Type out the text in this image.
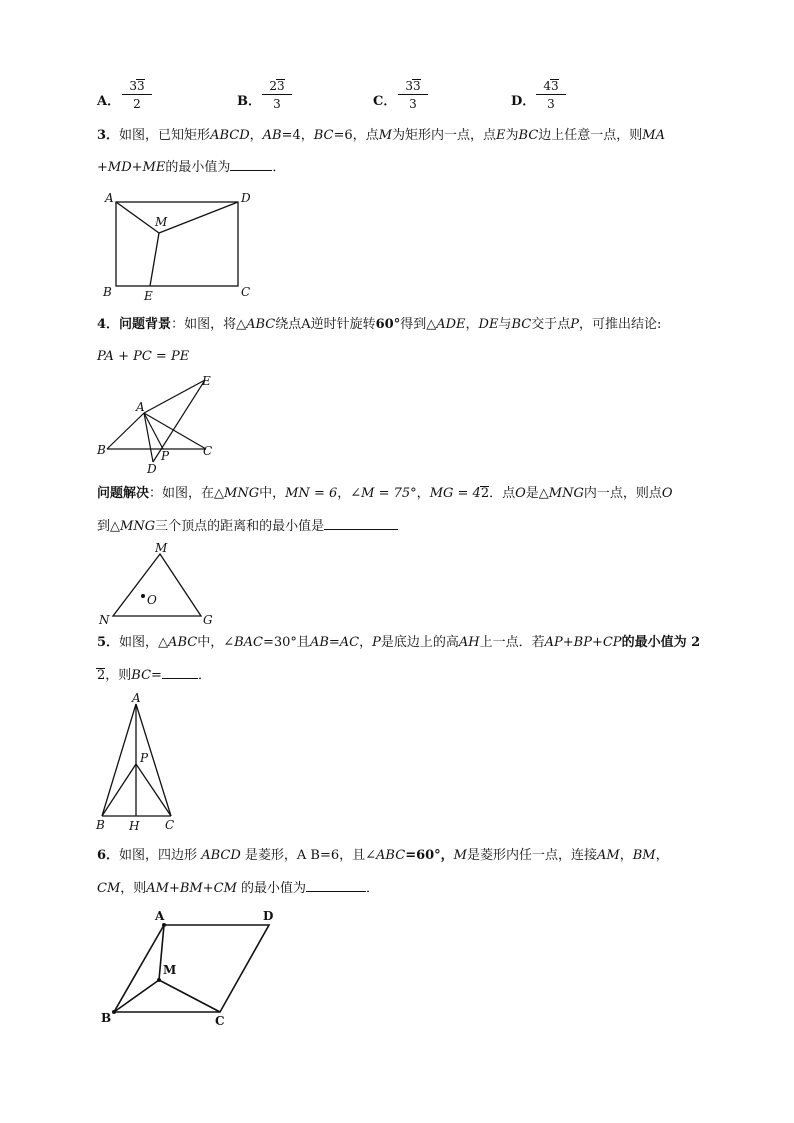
A． $\frac{33}{2}$	B． $\frac{23}{3}$	C． $\frac{33}{3}$	D． $\frac{43}{3}$
3．如图，已知矩形ABCD，AB=4，BC=6，点M为矩形内一点，点E为BC边上任意一点，则MA
+MD+ME的最小值为	．
A	D
M
B	E	C
4．问题背景：如图，将△ABC绕点A逆时针旋转60°得到△ADE，DE与BC交于点P，可推出结论:
PA + PC = PE
A
E
B	C
D
P
问题解决：如图，在△MNG中，MN = 6，∠M = 75°，MG = 42．点O是△MNG内一点，则点O
到△MNG三个顶点的距离和的最小值是
M
O
N	G
5．如图，△ABC中，∠BAC=30°且AB=AC，P是底边上的高AH上一点．若AP+BP+CP的最小值为 2
2，则BC=	．
A
P
B H C
6．如图，四边形 ABCD 是菱形，A B=6，且∠ABC=60°，M是菱形内任一点，连接AM，BM，
CM，则AM+BM+CM 的最小值为	．
A	D
M
B	C
